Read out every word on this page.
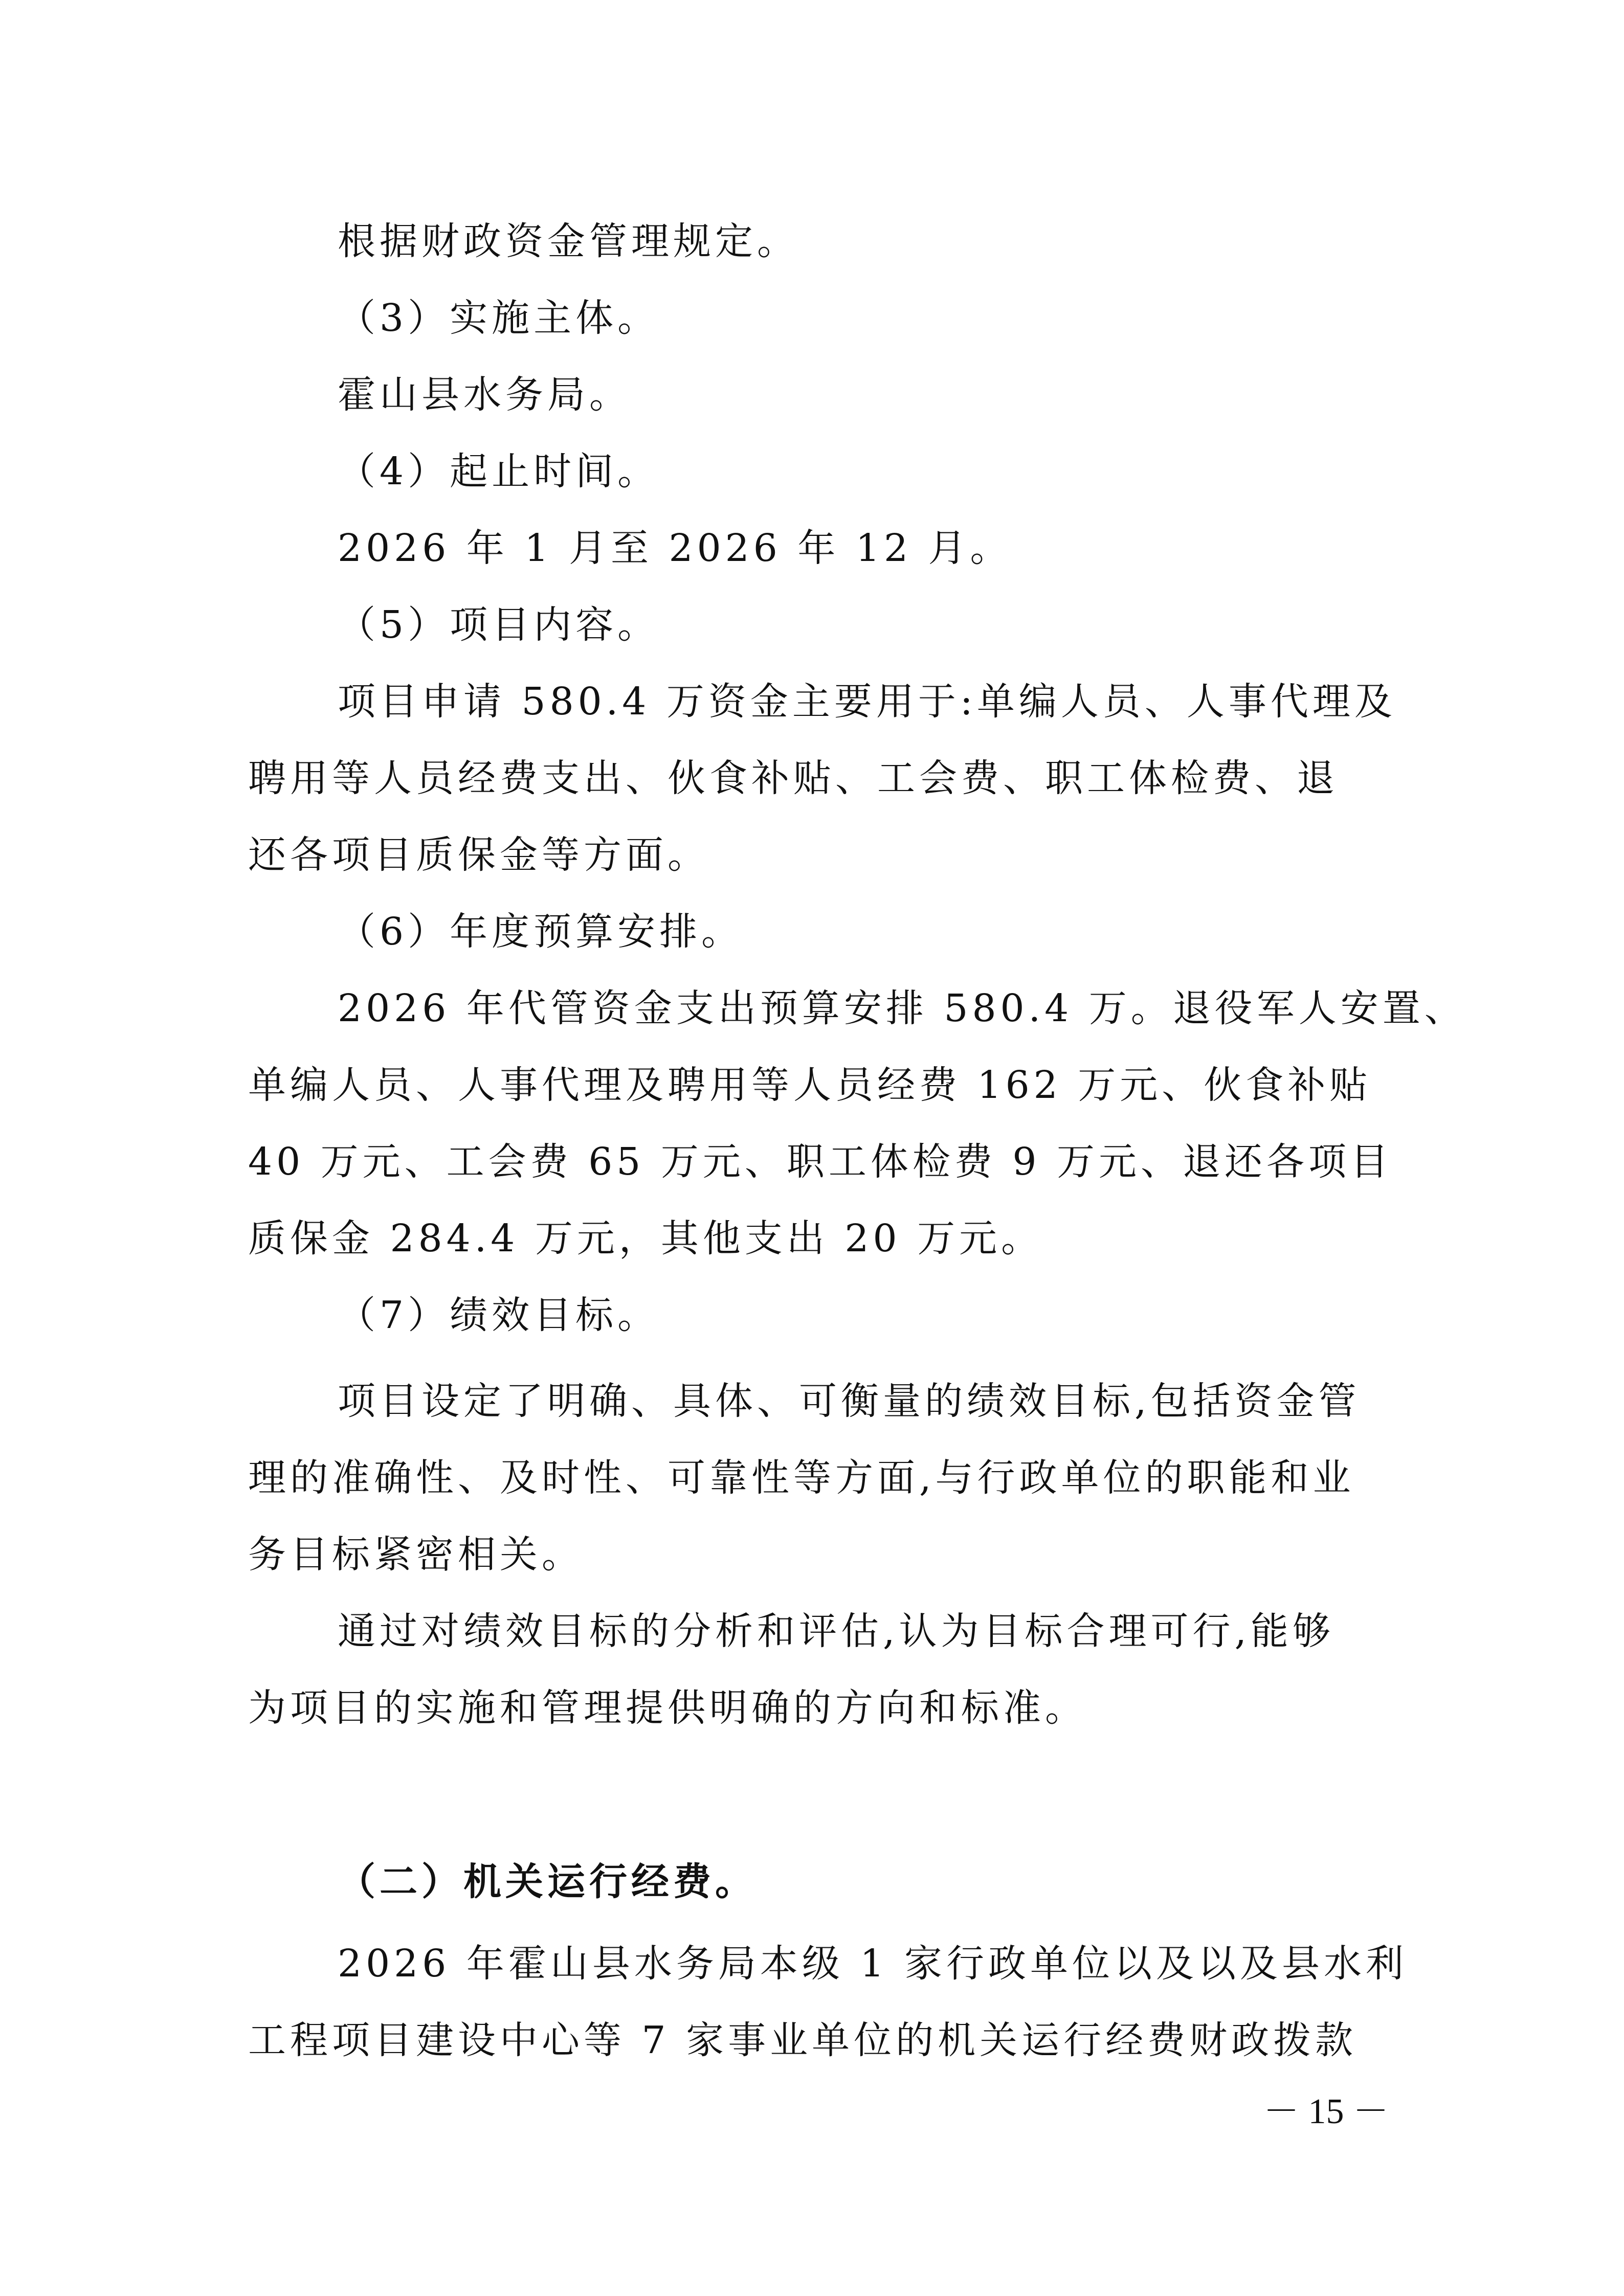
根据财政资金管理规定。
（3）实施主体。
霍山县水务局。
（4）起止时间。
2026 年 1 月至 2026 年 12 月。
（5）项目内容。
项目申请 580.4 万资金主要用于:单编人员、人事代理及
聘用等人员经费支出、伙食补贴、工会费、职工体检费、退
还各项目质保金等方面。
（6）年度预算安排。
2026 年代管资金支出预算安排 580.4 万。退役军人安置、
单编人员、人事代理及聘用等人员经费 162 万元、伙食补贴
40 万元、工会费 65 万元、职工体检费 9 万元、退还各项目
质保金 284.4 万元，其他支出 20 万元。
（7）绩效目标。
项目设定了明确、具体、可衡量的绩效目标,包括资金管
理的准确性、及时性、可靠性等方面,与行政单位的职能和业
务目标紧密相关。
通过对绩效目标的分析和评估,认为目标合理可行,能够
为项目的实施和管理提供明确的方向和标准。
（二）机关运行经费。
2026 年霍山县水务局本级 1 家行政单位以及以及县水利
工程项目建设中心等 7 家事业单位的机关运行经费财政拨款
－ 15 －
